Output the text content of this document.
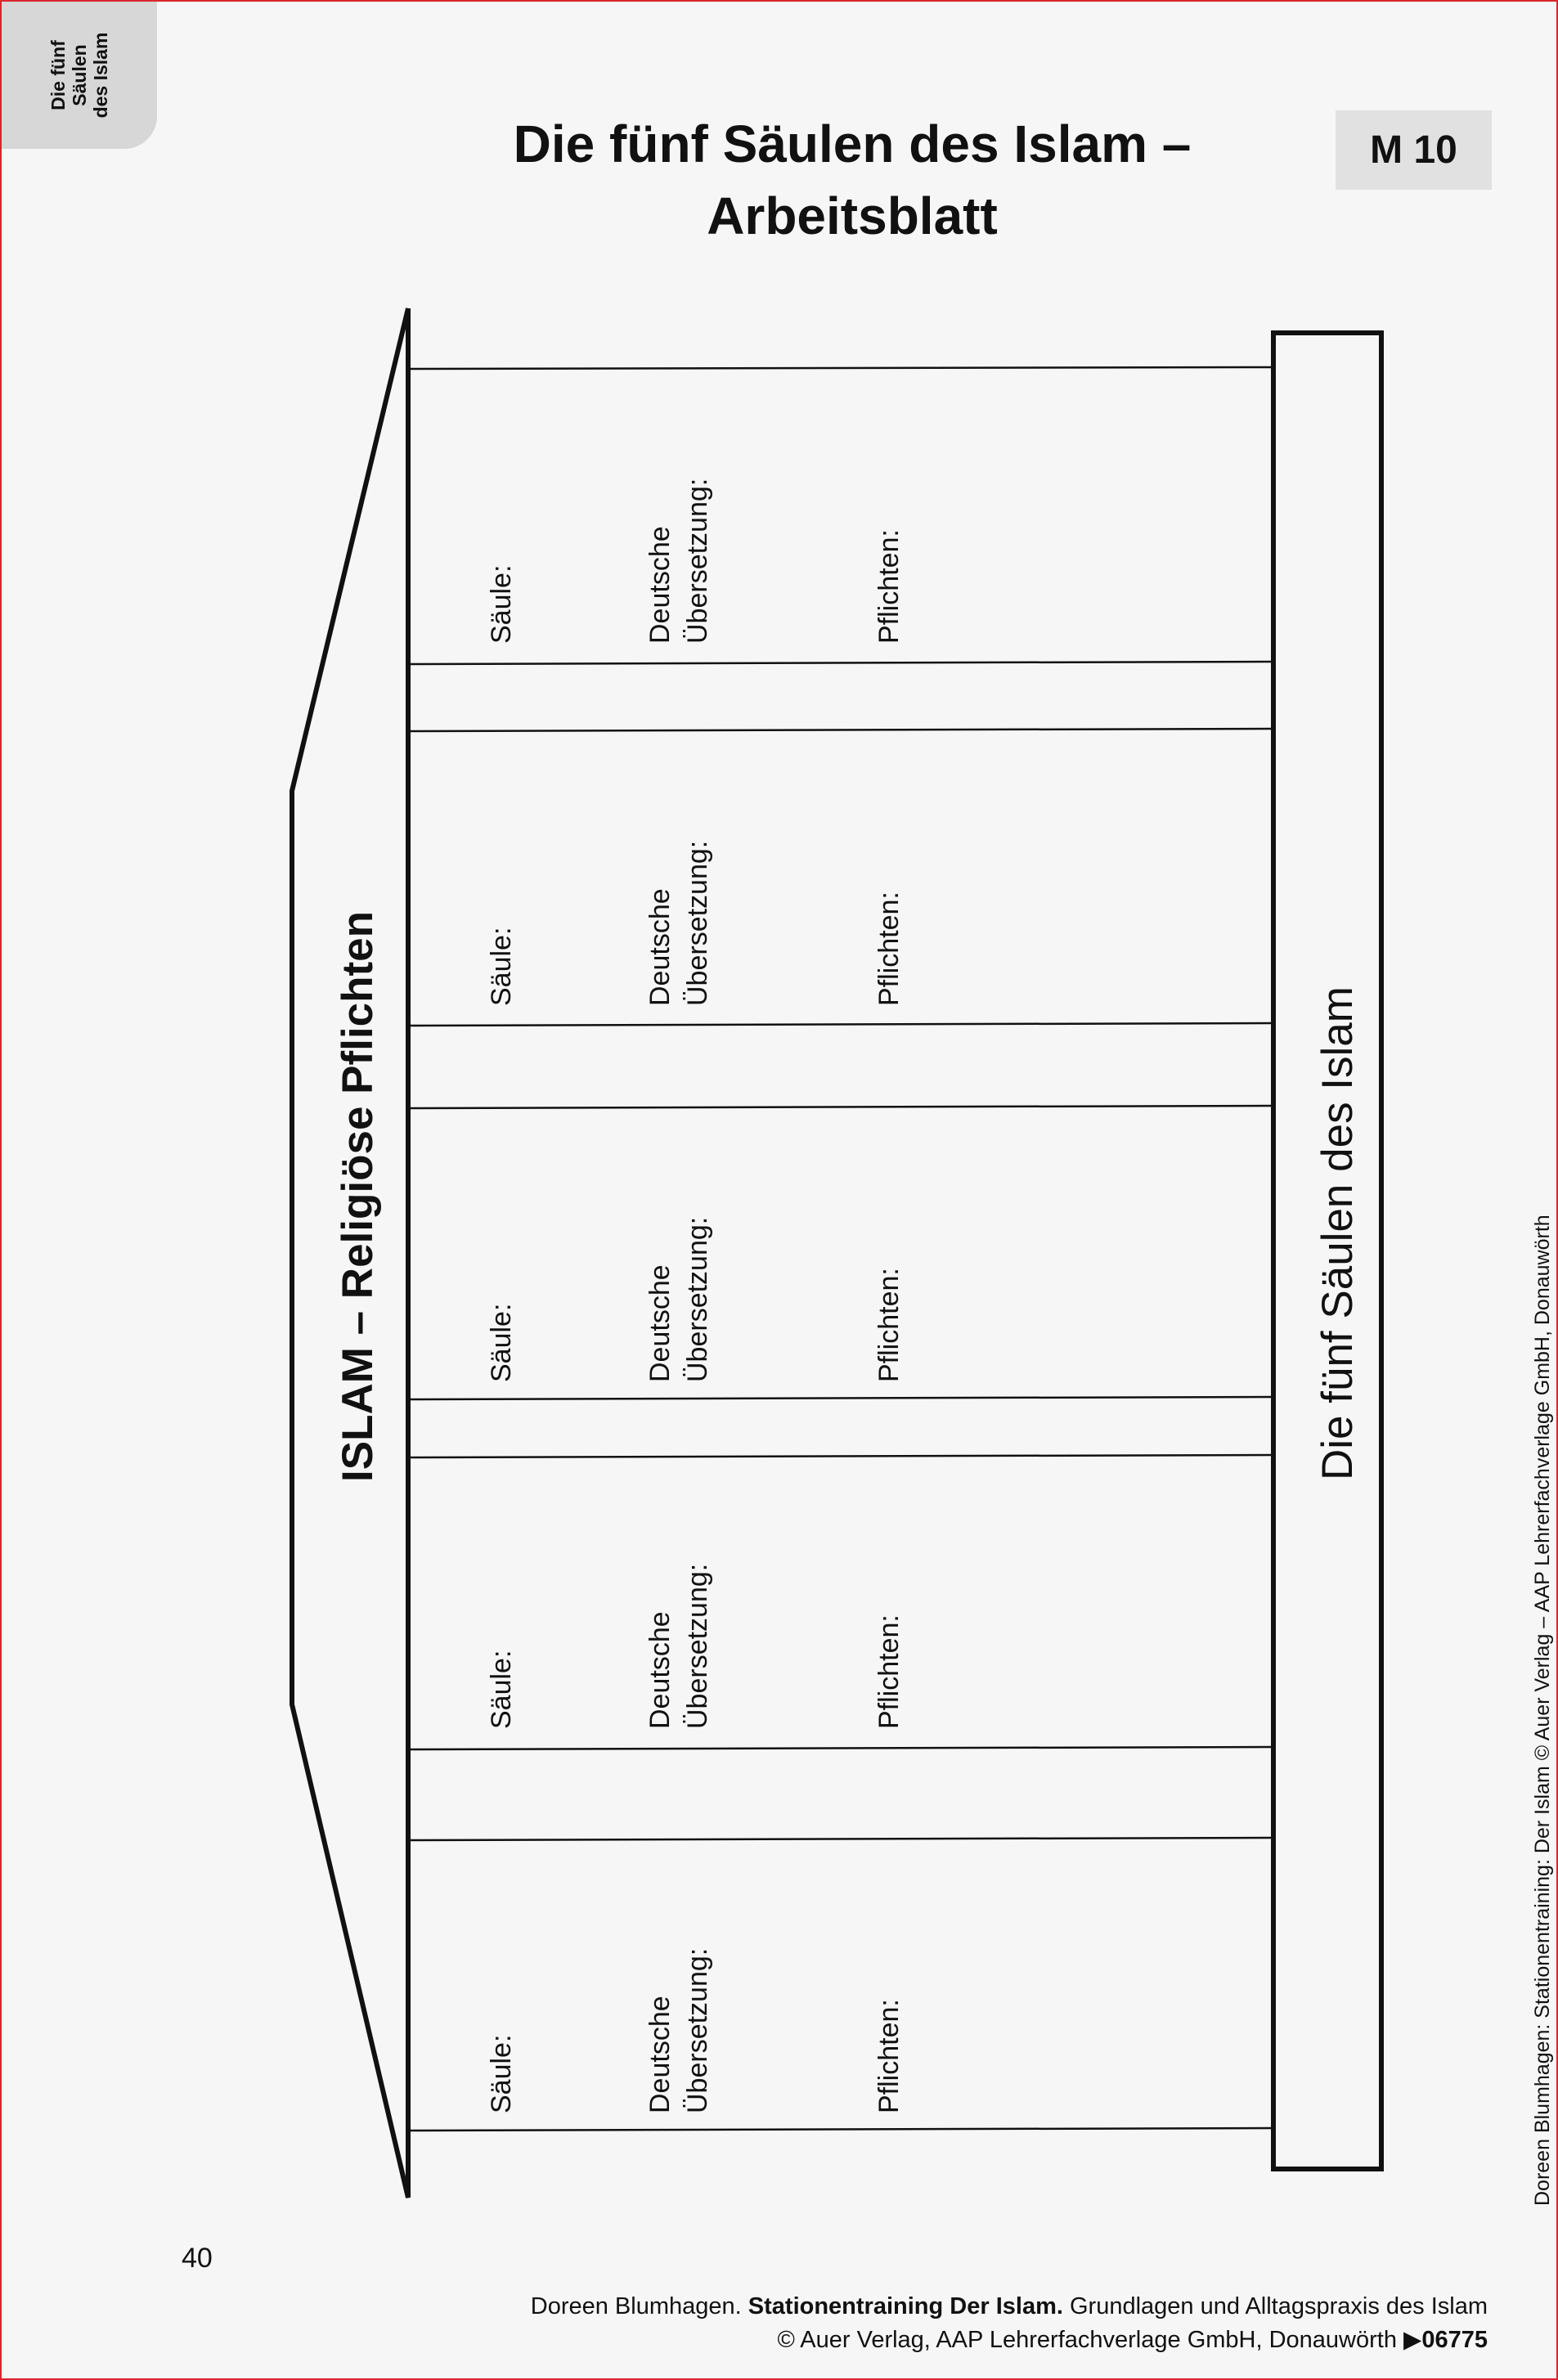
Die fünf
Säulen
des Islam
Die fünf Säulen des Islam –
Arbeitsblatt
M 10
ISLAM – Religiöse Pflichten	Die fünf Säulen des Islam
Säule:	Deutsche Übersetzung:	Pflichten:
Säule:	Deutsche Übersetzung:	Pflichten:
Säule:	Deutsche Übersetzung:	Pflichten:
Säule:	Deutsche Übersetzung:	Pflichten:
Säule:	Deutsche Übersetzung:	Pflichten:	Doreen Blumhagen: Stationentraining: Der Islam © Auer Verlag – AAP Lehrerfachverlage GmbH, Donauwörth
40
Doreen Blumhagen. Stationentraining Der Islam. Grundlagen und Alltagspraxis des Islam
© Auer Verlag, AAP Lehrerfachverlage GmbH, Donauwörth ▶06775
